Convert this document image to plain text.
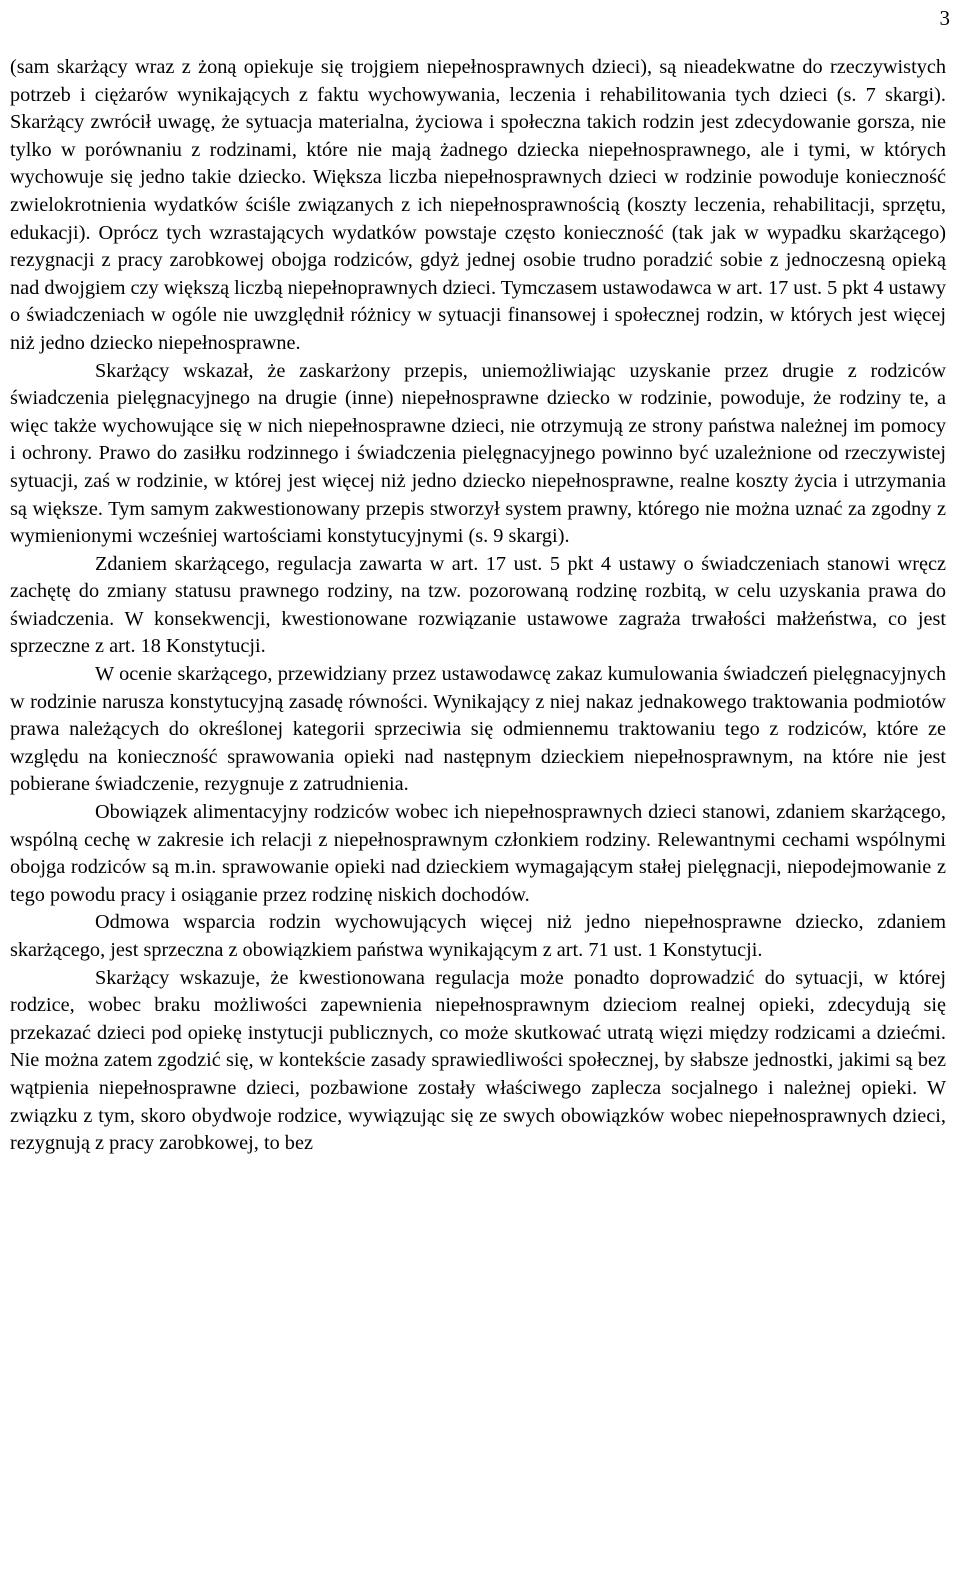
3

(sam skarżący wraz z żoną opiekuje się trojgiem niepełnosprawnych dzieci), są nieadekwatne do rzeczywistych potrzeb i ciężarów wynikających z faktu wychowywania, leczenia i rehabilitowania tych dzieci (s. 7 skargi). Skarżący zwrócił uwagę, że sytuacja materialna, życiowa i społeczna takich rodzin jest zdecydowanie gorsza, nie tylko w porównaniu z rodzinami, które nie mają żadnego dziecka niepełnosprawnego, ale i tymi, w których wychowuje się jedno takie dziecko. Większa liczba niepełnosprawnych dzieci w rodzinie powoduje konieczność zwielokrotnienia wydatków ściśle związanych z ich niepełnosprawnością (koszty leczenia, rehabilitacji, sprzętu, edukacji). Oprócz tych wzrastających wydatków powstaje często konieczność (tak jak w wypadku skarżącego) rezygnacji z pracy zarobkowej obojga rodziców, gdyż jednej osobie trudno poradzić sobie z jednoczesną opieką nad dwojgiem czy większą liczbą niepełnoprawnych dzieci. Tymczasem ustawodawca w art. 17 ust. 5 pkt 4 ustawy o świadczeniach w ogóle nie uwzględnił różnicy w sytuacji finansowej i społecznej rodzin, w których jest więcej niż jedno dziecko niepełnosprawne.

Skarżący wskazał, że zaskarżony przepis, uniemożliwiając uzyskanie przez drugie z rodziców świadczenia pielęgnacyjnego na drugie (inne) niepełnosprawne dziecko w rodzinie, powoduje, że rodziny te, a więc także wychowujące się w nich niepełnosprawne dzieci, nie otrzymują ze strony państwa należnej im pomocy i ochrony. Prawo do zasiłku rodzinnego i świadczenia pielęgnacyjnego powinno być uzależnione od rzeczywistej sytuacji, zaś w rodzinie, w której jest więcej niż jedno dziecko niepełnosprawne, realne koszty życia i utrzymania są większe. Tym samym zakwestionowany przepis stworzył system prawny, którego nie można uznać za zgodny z wymienionymi wcześniej wartościami konstytucyjnymi (s. 9 skargi).

Zdaniem skarżącego, regulacja zawarta w art. 17 ust. 5 pkt 4 ustawy o świadczeniach stanowi wręcz zachętę do zmiany statusu prawnego rodziny, na tzw. pozorowaną rodzinę rozbitą, w celu uzyskania prawa do świadczenia. W konsekwencji, kwestionowane rozwiązanie ustawowe zagraża trwałości małżeństwa, co jest sprzeczne z art. 18 Konstytucji.

W ocenie skarżącego, przewidziany przez ustawodawcę zakaz kumulowania świadczeń pielęgnacyjnych w rodzinie narusza konstytucyjną zasadę równości. Wynikający z niej nakaz jednakowego traktowania podmiotów prawa należących do określonej kategorii sprzeciwia się odmiennemu traktowaniu tego z rodziców, które ze względu na konieczność sprawowania opieki nad następnym dzieckiem niepełnosprawnym, na które nie jest pobierane świadczenie, rezygnuje z zatrudnienia.

Obowiązek alimentacyjny rodziców wobec ich niepełnosprawnych dzieci stanowi, zdaniem skarżącego, wspólną cechę w zakresie ich relacji z niepełnosprawnym członkiem rodziny. Relewantnymi cechami wspólnymi obojga rodziców są m.in. sprawowanie opieki nad dzieckiem wymagającym stałej pielęgnacji, niepodejmowanie z tego powodu pracy i osiąganie przez rodzinę niskich dochodów.

Odmowa wsparcia rodzin wychowujących więcej niż jedno niepełnosprawne dziecko, zdaniem skarżącego, jest sprzeczna z obowiązkiem państwa wynikającym z art. 71 ust. 1 Konstytucji.

Skarżący wskazuje, że kwestionowana regulacja może ponadto doprowadzić do sytuacji, w której rodzice, wobec braku możliwości zapewnienia niepełnosprawnym dzieciom realnej opieki, zdecydują się przekazać dzieci pod opiekę instytucji publicznych, co może skutkować utratą więzi między rodzicami a dziećmi. Nie można zatem zgodzić się, w kontekście zasady sprawiedliwości społecznej, by słabsze jednostki, jakimi są bez wątpienia niepełnosprawne dzieci, pozbawione zostały właściwego zaplecza socjalnego i należnej opieki. W związku z tym, skoro obydwoje rodzice, wywiązując się ze swych obowiązków wobec niepełnosprawnych dzieci, rezygnują z pracy zarobkowej, to bez
